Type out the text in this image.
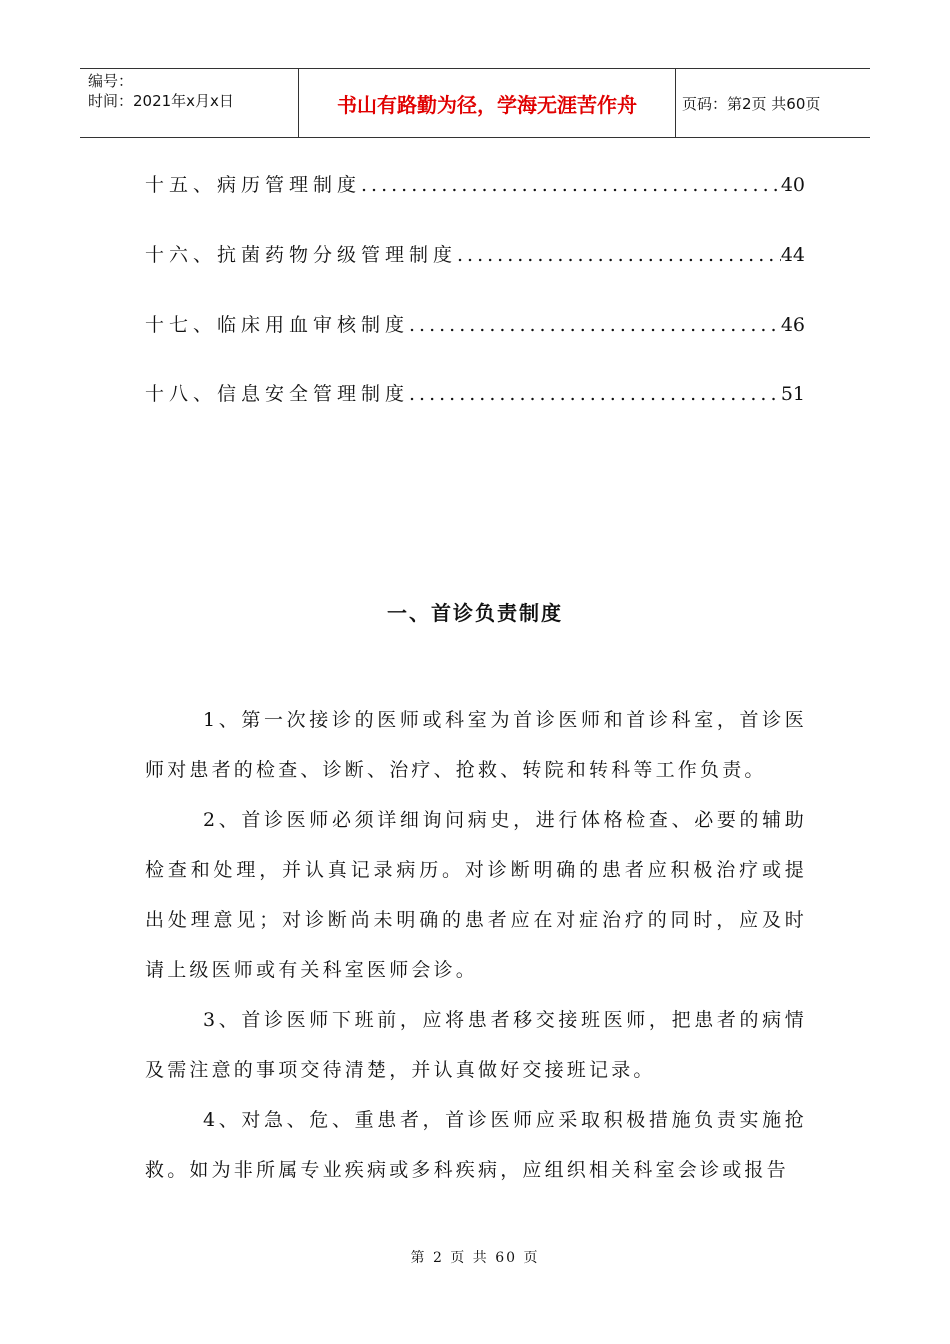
编号：
时间：2021年x月x日	书山有路勤为径，学海无涯苦作舟	页码：第2页 共60页
十五、病历管理制度 .....	40
十六、抗菌药物分级管理制度 .....	44
十七、临床用血审核制度 .....	46
十八、信息安全管理制度 .....	51
一、首诊负责制度

1、第一次接诊的医师或科室为首诊医师和首诊科室，首诊医师对患者的检查、诊断、治疗、抢救、转院和转科等工作负责。

2、首诊医师必须详细询问病史，进行体格检查、必要的辅助检查和处理，并认真记录病历。对诊断明确的患者应积极治疗或提出处理意见；对诊断尚未明确的患者应在对症治疗的同时，应及时请上级医师或有关科室医师会诊。

3、首诊医师下班前，应将患者移交接班医师，把患者的病情及需注意的事项交待清楚，并认真做好交接班记录。

4、对急、危、重患者，首诊医师应采取积极措施负责实施抢救。如为非所属专业疾病或多科疾病，应组织相关科室会诊或报告

第 2 页 共 60 页
